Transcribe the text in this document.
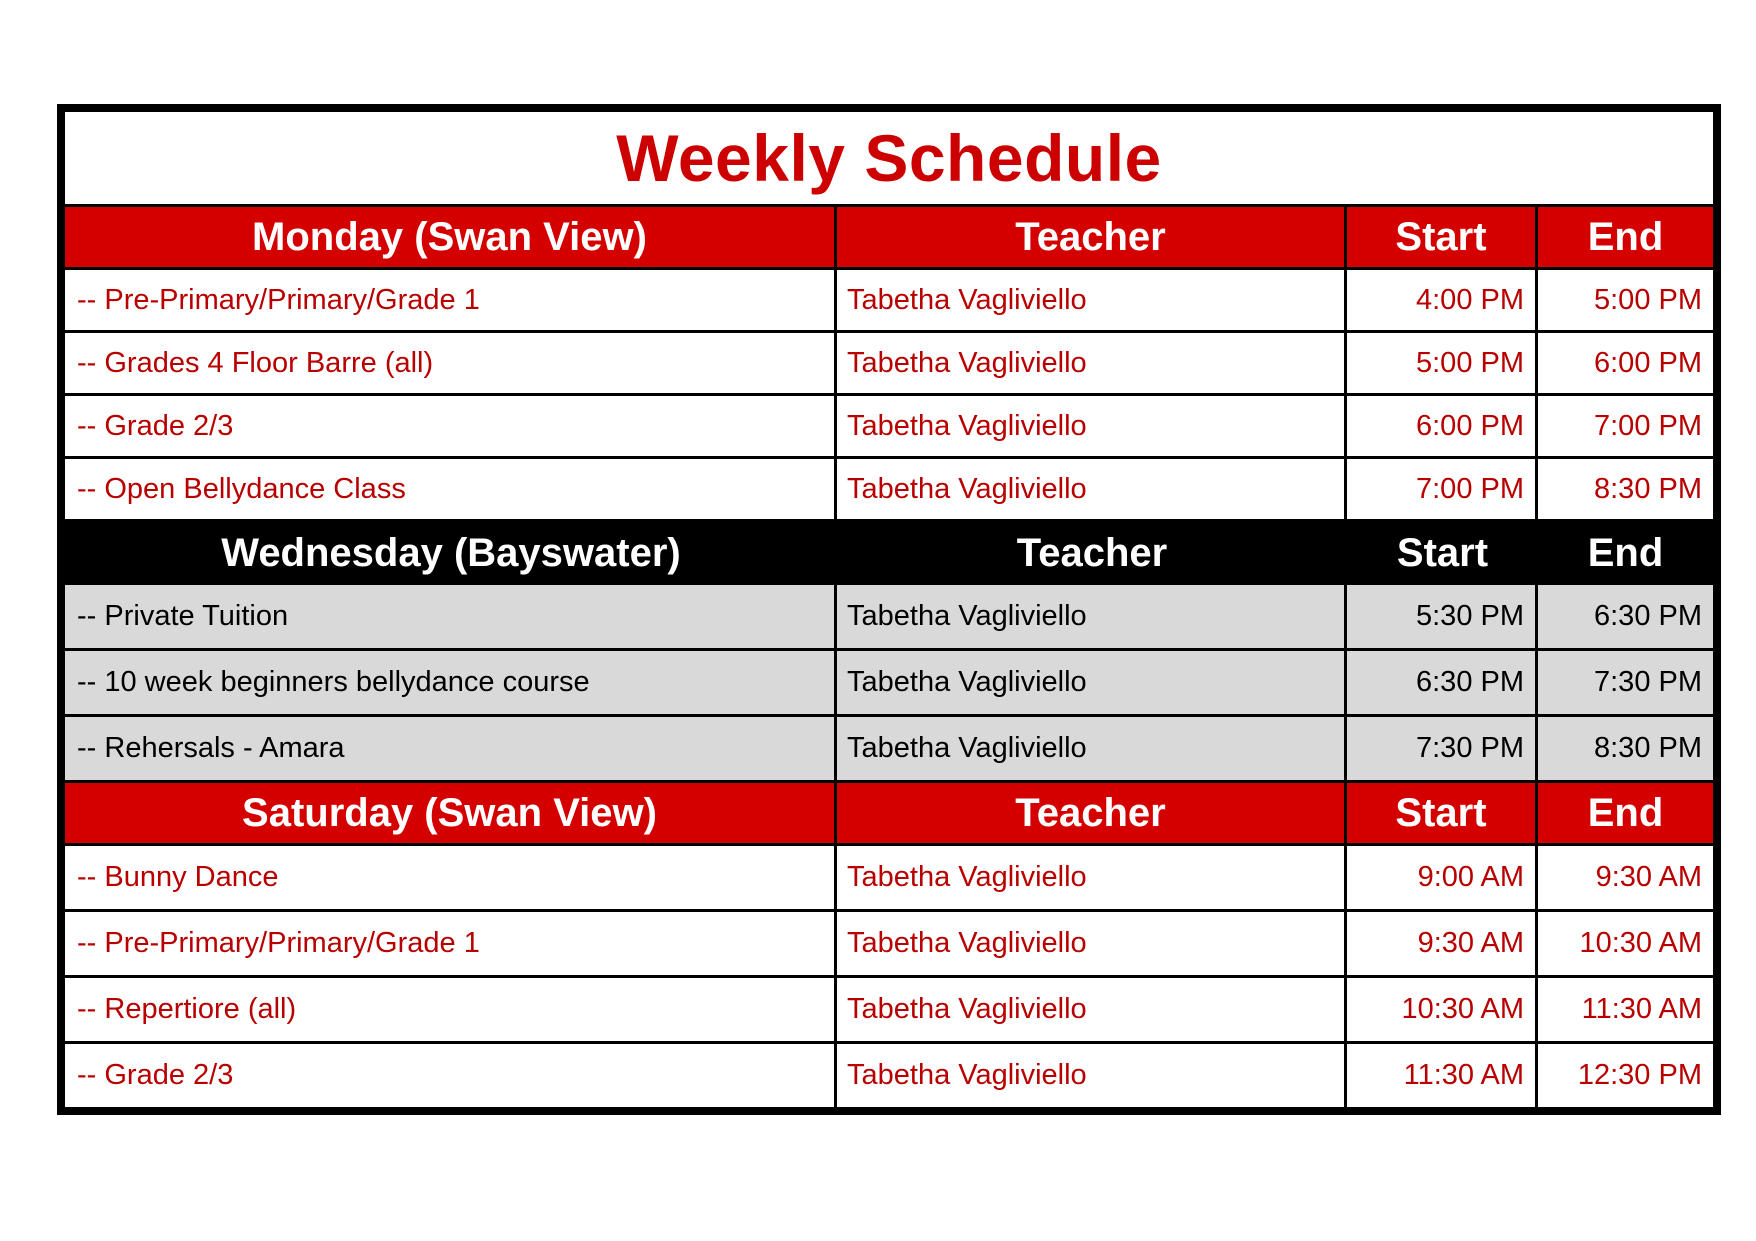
Weekly Schedule
Monday (Swan View)	Teacher	Start	End
-- Pre-Primary/Primary/Grade 1	Tabetha Vagliviello	4:00 PM	5:00 PM
-- Grades 4 Floor Barre (all)	Tabetha Vagliviello	5:00 PM	6:00 PM
-- Grade 2/3	Tabetha Vagliviello	6:00 PM	7:00 PM
-- Open Bellydance Class	Tabetha Vagliviello	7:00 PM	8:30 PM
Wednesday (Bayswater)	Teacher	Start	End
-- Private Tuition	Tabetha Vagliviello	5:30 PM	6:30 PM
-- 10 week beginners bellydance course	Tabetha Vagliviello	6:30 PM	7:30 PM
-- Rehersals - Amara	Tabetha Vagliviello	7:30 PM	8:30 PM
Saturday (Swan View)	Teacher	Start	End
-- Bunny Dance	Tabetha Vagliviello	9:00 AM	9:30 AM
-- Pre-Primary/Primary/Grade 1	Tabetha Vagliviello	9:30 AM	10:30 AM
-- Repertiore (all)	Tabetha Vagliviello	10:30 AM	11:30 AM
-- Grade 2/3	Tabetha Vagliviello	11:30 AM	12:30 PM
